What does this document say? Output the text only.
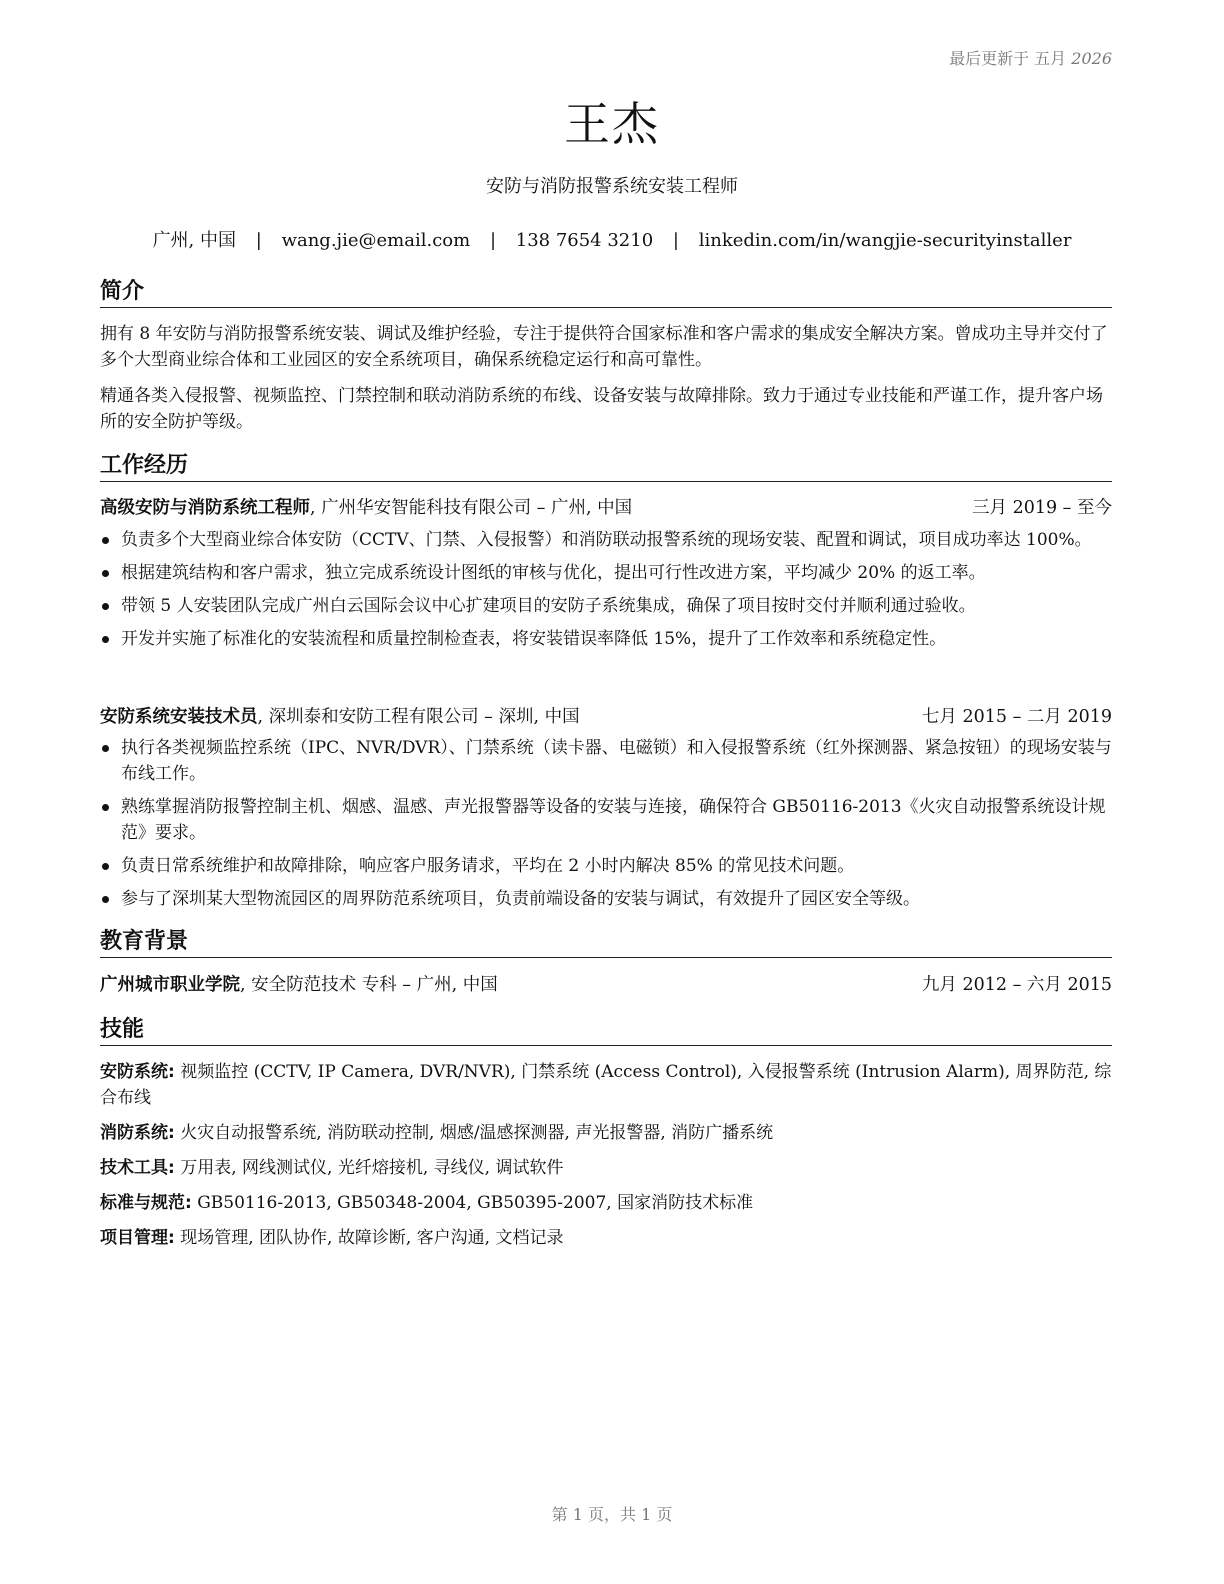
最后更新于 五月 2026
王杰
安防与消防报警系统安装工程师
广州, 中国 | wang.jie@email.com | 138 7654 3210 | linkedin.com/in/wangjie-securityinstaller
简介
拥有 8 年安防与消防报警系统安装、调试及维护经验，专注于提供符合国家标准和客户需求的集成安全解决方案。曾成功主导并交付了多个大型商业综合体和工业园区的安全系统项目，确保系统稳定运行和高可靠性。
精通各类入侵报警、视频监控、门禁控制和联动消防系统的布线、设备安装与故障排除。致力于通过专业技能和严谨工作，提升客户场所的安全防护等级。
工作经历
高级安防与消防系统工程师, 广州华安智能科技有限公司 – 广州, 中国	三月 2019 – 至今
负责多个大型商业综合体安防（CCTV、门禁、入侵报警）和消防联动报警系统的现场安装、配置和调试，项目成功率达 100%。
根据建筑结构和客户需求，独立完成系统设计图纸的审核与优化，提出可行性改进方案，平均减少 20% 的返工率。
带领 5 人安装团队完成广州白云国际会议中心扩建项目的安防子系统集成，确保了项目按时交付并顺利通过验收。
开发并实施了标准化的安装流程和质量控制检查表，将安装错误率降低 15%，提升了工作效率和系统稳定性。
安防系统安装技术员, 深圳泰和安防工程有限公司 – 深圳, 中国	七月 2015 – 二月 2019
执行各类视频监控系统（IPC、NVR/DVR）、门禁系统（读卡器、电磁锁）和入侵报警系统（红外探测器、紧急按钮）的现场安装与布线工作。
熟练掌握消防报警控制主机、烟感、温感、声光报警器等设备的安装与连接，确保符合 GB50116-2013《火灾自动报警系统设计规范》要求。
负责日常系统维护和故障排除，响应客户服务请求，平均在 2 小时内解决 85% 的常见技术问题。
参与了深圳某大型物流园区的周界防范系统项目，负责前端设备的安装与调试，有效提升了园区安全等级。
教育背景
广州城市职业学院, 安全防范技术 专科 – 广州, 中国	九月 2012 – 六月 2015
技能
安防系统: 视频监控 (CCTV, IP Camera, DVR/NVR), 门禁系统 (Access Control), 入侵报警系统 (Intrusion Alarm), 周界防范, 综合布线
消防系统: 火灾自动报警系统, 消防联动控制, 烟感/温感探测器, 声光报警器, 消防广播系统
技术工具: 万用表, 网线测试仪, 光纤熔接机, 寻线仪, 调试软件
标准与规范: GB50116-2013, GB50348-2004, GB50395-2007, 国家消防技术标准
项目管理: 现场管理, 团队协作, 故障诊断, 客户沟通, 文档记录
第 1 页，共 1 页
